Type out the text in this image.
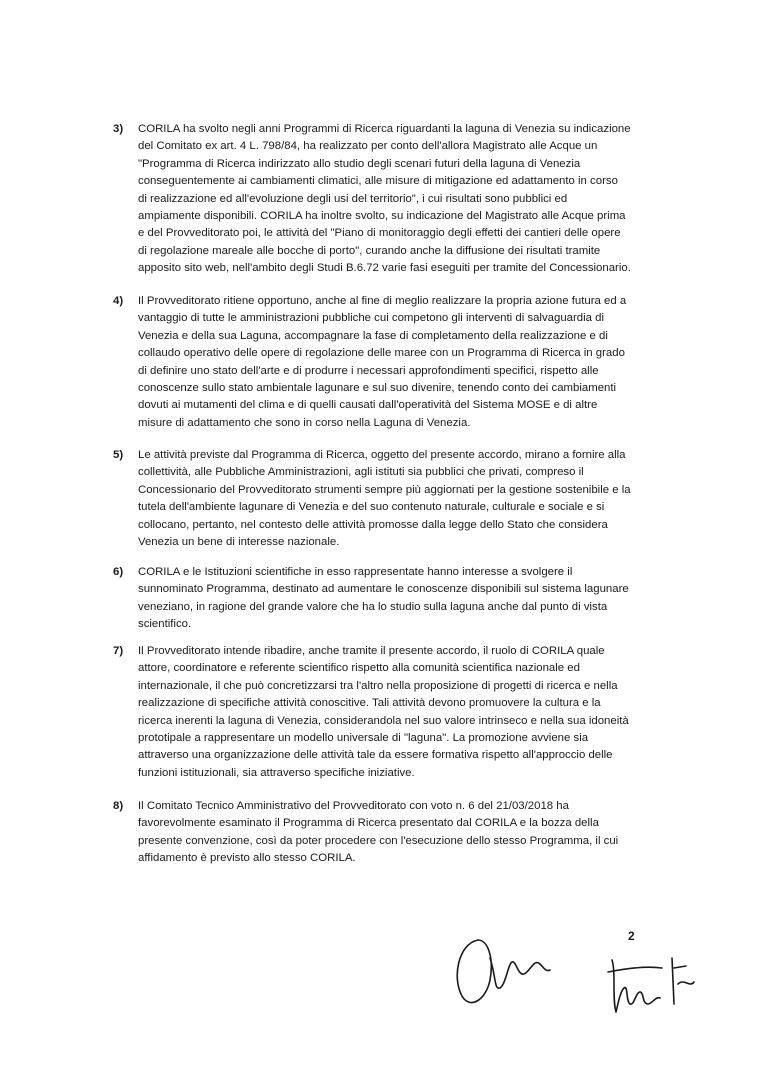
3)	CORILA ha svolto negli anni Programmi di Ricerca riguardanti la laguna di Venezia su indicazione
del Comitato ex art. 4 L. 798/84, ha realizzato per conto dell'allora Magistrato alle Acque un
"Programma di Ricerca indirizzato allo studio degli scenari futuri della laguna di Venezia
conseguentemente ai cambiamenti climatici, alle misure di mitigazione ed adattamento in corso
di realizzazione ed all'evoluzione degli usi del territorio", i cui risultati sono pubblici ed
ampiamente disponibili. CORILA ha inoltre svolto, su indicazione del Magistrato alle Acque prima
e del Provveditorato poi, le attività del "Piano di monitoraggio degli effetti dei cantieri delle opere
di regolazione mareale alle bocche di porto", curando anche la diffusione dei risultati tramite
apposito sito web, nell'ambito degli Studi B.6.72 varie fasi eseguiti per tramite del Concessionario.
4)	Il Provveditorato ritiene opportuno, anche al fine di meglio realizzare la propria azione futura ed a
vantaggio di tutte le amministrazioni pubbliche cui competono gli interventi di salvaguardia di
Venezia e della sua Laguna, accompagnare la fase di completamento della realizzazione e di
collaudo operativo delle opere di regolazione delle maree con un Programma di Ricerca in grado
di definire uno stato dell'arte e di produrre i necessari approfondimenti specifici, rispetto alle
conoscenze sullo stato ambientale lagunare e sul suo divenire, tenendo conto dei cambiamenti
dovuti ai mutamenti del clima e di quelli causati dall'operatività del Sistema MOSE e di altre
misure di adattamento che sono in corso nella Laguna di Venezia.
5)	Le attività previste dal Programma di Ricerca, oggetto del presente accordo, mirano a fornire alla
collettività, alle Pubbliche Amministrazioni, agli istituti sia pubblici che privati, compreso il
Concessionario del Provveditorato strumenti sempre più aggiornati per la gestione sostenibile e la
tutela dell'ambiente lagunare di Venezia e del suo contenuto naturale, culturale e sociale e si
collocano, pertanto, nel contesto delle attività promosse dalla legge dello Stato che considera
Venezia un bene di interesse nazionale.
6)	CORILA e le Istituzioni scientifiche in esso rappresentate hanno interesse a svolgere il
sunnominato Programma, destinato ad aumentare le conoscenze disponibili sul sistema lagunare
veneziano, in ragione del grande valore che ha lo studio sulla laguna anche dal punto di vista
scientifico.
7)	Il Provveditorato intende ribadire, anche tramite il presente accordo, il ruolo di CORILA quale
attore, coordinatore e referente scientifico rispetto alla comunità scientifica nazionale ed
internazionale, il che può concretizzarsi tra l'altro nella proposizione di progetti di ricerca e nella
realizzazione di specifiche attività conoscitive. Tali attività devono promuovere la cultura e la
ricerca inerenti la laguna di Venezia, considerandola nel suo valore intrinseco e nella sua idoneità
prototipale a rappresentare un modello universale di "laguna". La promozione avviene sia
attraverso una organizzazione delle attività tale da essere formativa rispetto all'approccio delle
funzioni istituzionali, sia attraverso specifiche iniziative.
8)	Il Comitato Tecnico Amministrativo del Provveditorato con voto n. 6 del 21/03/2018 ha
favorevolmente esaminato il Programma di Ricerca presentato dal CORILA e la bozza della
presente convenzione, così da poter procedere con l'esecuzione dello stesso Programma, il cui
affidamento è previsto allo stesso CORILA.
2
